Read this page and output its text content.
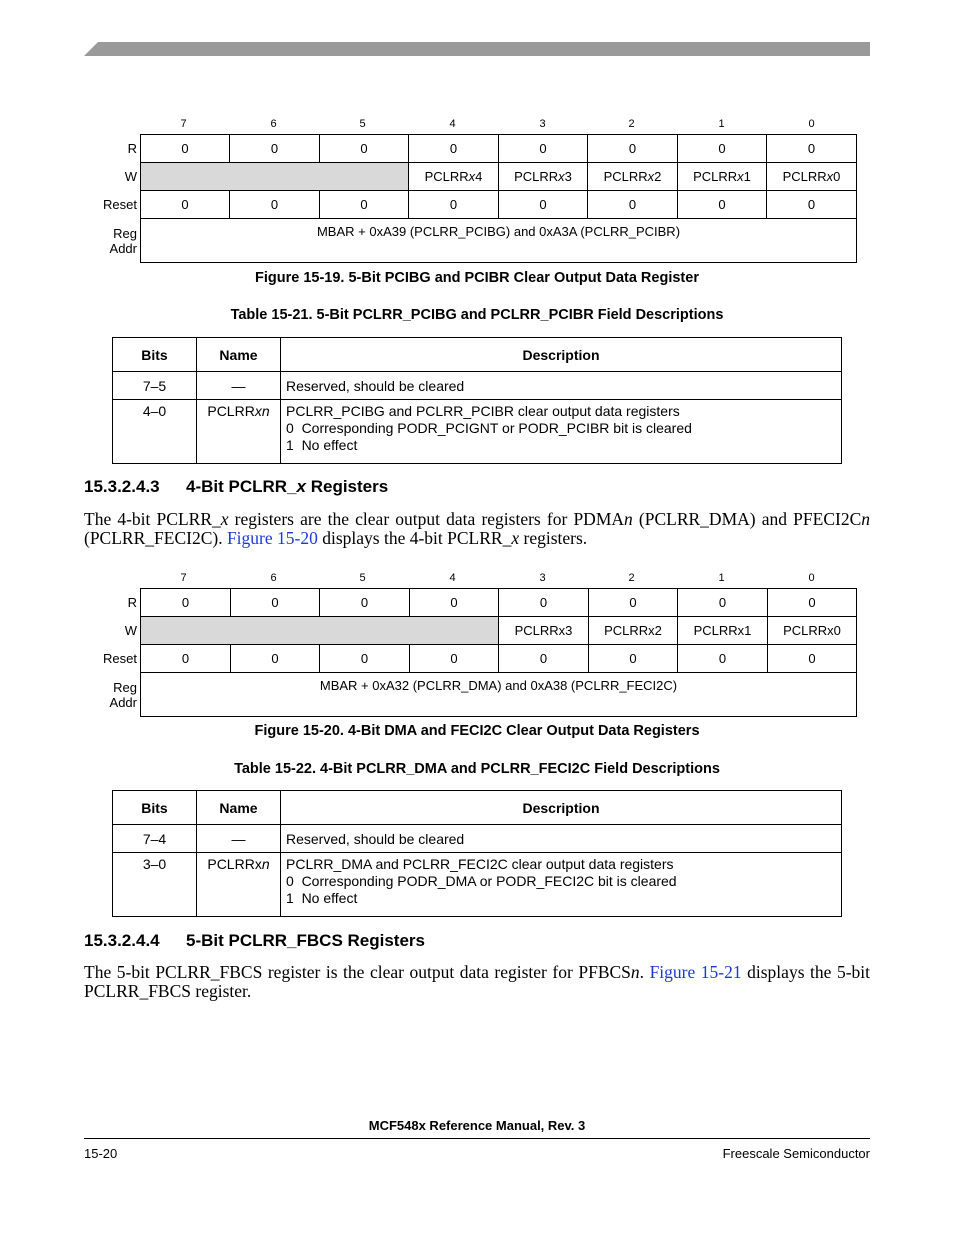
7	6	5	4	3	2	1	0
R	0	0	0	0	0	0	0	0
W				PCLRRx4	PCLRRx3	PCLRRx2	PCLRRx1	PCLRRx0
Reset	0	0	0	0	0	0	0	0
Reg
Addr	MBAR + 0xA39 (PCLRR_PCIBG) and 0xA3A (PCLRR_PCIBR)							
Figure 15-19. 5-Bit PCIBG and PCIBR Clear Output Data Register
Table 15-21. 5-Bit PCLRR_PCIBG and PCLRR_PCIBR Field Descriptions
Bits	Name	Description
7–5	—	Reserved, should be cleared
4–0	PCLRRxn	PCLRR_PCIBG and PCLRR_PCIBR clear output data registers
0  Corresponding PODR_PCIGNT or PODR_PCIBR bit is cleared
1  No effect
15.3.2.4.3 4-Bit PCLRR_x Registers
The 4-bit PCLRR_x registers are the clear output data registers for PDMAn (PCLRR_DMA) and PFECI2Cn (PCLRR_FECI2C). Figure 15-20 displays the 4-bit PCLRR_x registers.
7	6	5	4	3	2	1	0
R	0	0	0	0	0	0	0	0
W					PCLRRx3	PCLRRx2	PCLRRx1	PCLRRx0
Reset	0	0	0	0	0	0	0	0
Reg
Addr	MBAR + 0xA32 (PCLRR_DMA) and 0xA38 (PCLRR_FECI2C)							
Figure 15-20. 4-Bit DMA and FECI2C Clear Output Data Registers
Table 15-22. 4-Bit PCLRR_DMA and PCLRR_FECI2C Field Descriptions
Bits	Name	Description
7–4	—	Reserved, should be cleared
3–0	PCLRRxn	PCLRR_DMA and PCLRR_FECI2C clear output data registers
0  Corresponding PODR_DMA or PODR_FECI2C bit is cleared
1  No effect
15.3.2.4.4 5-Bit PCLRR_FBCS Registers
The 5-bit PCLRR_FBCS register is the clear output data register for PFBCSn. Figure 15-21 displays the 5-bit PCLRR_FBCS register.
MCF548x Reference Manual, Rev. 3
15-20	Freescale Semiconductor
